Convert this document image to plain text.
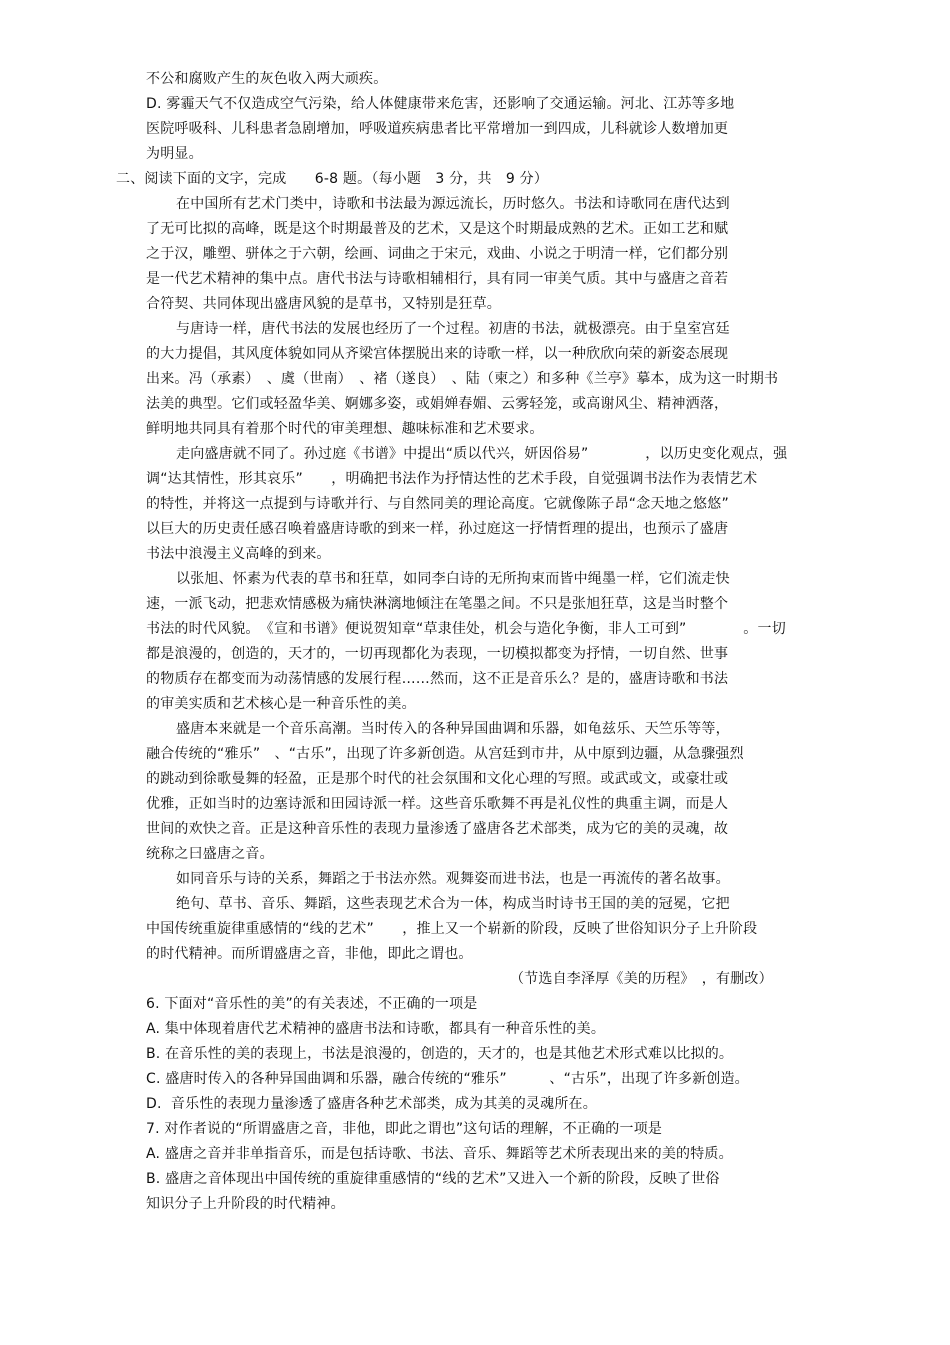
不公和腐败产生的灰色收入两大顽疾。
D. 雾霾天气不仅造成空气污染，给人体健康带来危害，还影响了交通运输。河北、江苏等多地
医院呼吸科、儿科患者急剧增加，呼吸道疾病患者比平常增加一到四成，儿科就诊人数增加更
为明显。
二、阅读下面的文字，完成　　6-8 题。（每小题　3 分，共　9 分）
在中国所有艺术门类中，诗歌和书法最为源远流长，历时悠久。书法和诗歌同在唐代达到
了无可比拟的高峰，既是这个时期最普及的艺术，又是这个时期最成熟的艺术。正如工艺和赋
之于汉，雕塑、骈体之于六朝，绘画、词曲之于宋元，戏曲、小说之于明清一样，它们都分别
是一代艺术精神的集中点。唐代书法与诗歌相辅相行，具有同一审美气质。其中与盛唐之音若
合符契、共同体现出盛唐风貌的是草书，又特别是狂草。
与唐诗一样，唐代书法的发展也经历了一个过程。初唐的书法，就极漂亮。由于皇室宫廷
的大力提倡，其风度体貌如同从齐梁宫体摆脱出来的诗歌一样，以一种欣欣向荣的新姿态展现
出来。冯（承素）　、虞（世南）　、褚（遂良）　、陆（柬之）和多种《兰亭》摹本，成为这一时期书
法美的典型。它们或轻盈华美、婀娜多姿，或娟婵春媚、云雾轻笼，或高谢风尘、精神洒落，
鲜明地共同具有着那个时代的审美理想、趣味标准和艺术要求。
走向盛唐就不同了。孙过庭《书谱》中提出“质以代兴，妍因俗易”　　　　，以历史变化观点，强
调“达其情性，形其哀乐”　　，明确把书法作为抒情达性的艺术手段，自觉强调书法作为表情艺术
的特性，并将这一点提到与诗歌并行、与自然同美的理论高度。它就像陈子昂“念天地之悠悠”
以巨大的历史责任感召唤着盛唐诗歌的到来一样，孙过庭这一抒情哲理的提出，也预示了盛唐
书法中浪漫主义高峰的到来。
以张旭、怀素为代表的草书和狂草，如同李白诗的无所拘束而皆中绳墨一样，它们流走快
速，一派飞动，把悲欢情感极为痛快淋漓地倾注在笔墨之间。不只是张旭狂草，这是当时整个
书法的时代风貌。　《宣和书谱》便说贺知章“草隶佳处，机会与造化争衡，非人工可到”　　　　。一切
都是浪漫的，创造的，天才的，一切再现都化为表现，一切模拟都变为抒情，一切自然、世事
的物质存在都变而为动荡情感的发展行程……然而，这不正是音乐么？是的，盛唐诗歌和书法
的审美实质和艺术核心是一种音乐性的美。
盛唐本来就是一个音乐高潮。当时传入的各种异国曲调和乐器，如龟兹乐、天竺乐等等，
融合传统的“雅乐”　、“古乐”，出现了许多新创造。从宫廷到市井，从中原到边疆，从急骤强烈
的跳动到徐歌曼舞的轻盈，正是那个时代的社会氛围和文化心理的写照。或武或文，或豪壮或
优雅，正如当时的边塞诗派和田园诗派一样。这些音乐歌舞不再是礼仪性的典重主调，而是人
世间的欢快之音。正是这种音乐性的表现力量渗透了盛唐各艺术部类，成为它的美的灵魂，故
统称之曰盛唐之音。
如同音乐与诗的关系，舞蹈之于书法亦然。观舞姿而进书法，也是一再流传的著名故事。
绝句、草书、音乐、舞蹈，这些表现艺术合为一体，构成当时诗书王国的美的冠冕，它把
中国传统重旋律重感情的“线的艺术”　　，推上又一个崭新的阶段，反映了世俗知识分子上升阶段
的时代精神。而所谓盛唐之音，非他，即此之谓也。
（节选自李泽厚《美的历程》　，有删改）
6. 下面对“音乐性的美”的有关表述，不正确的一项是
A. 集中体现着唐代艺术精神的盛唐书法和诗歌，都具有一种音乐性的美。
B. 在音乐性的美的表现上，书法是浪漫的，创造的，天才的，也是其他艺术形式难以比拟的。
C. 盛唐时传入的各种异国曲调和乐器，融合传统的“雅乐”　　　、“古乐”，出现了许多新创造。
D.  音乐性的表现力量渗透了盛唐各种艺术部类，成为其美的灵魂所在。
7. 对作者说的“所谓盛唐之音，非他，即此之谓也”这句话的理解，不正确的一项是
A. 盛唐之音并非单指音乐，而是包括诗歌、书法、音乐、舞蹈等艺术所表现出来的美的特质。
B. 盛唐之音体现出中国传统的重旋律重感情的“线的艺术”又进入一个新的阶段，反映了世俗
知识分子上升阶段的时代精神。
